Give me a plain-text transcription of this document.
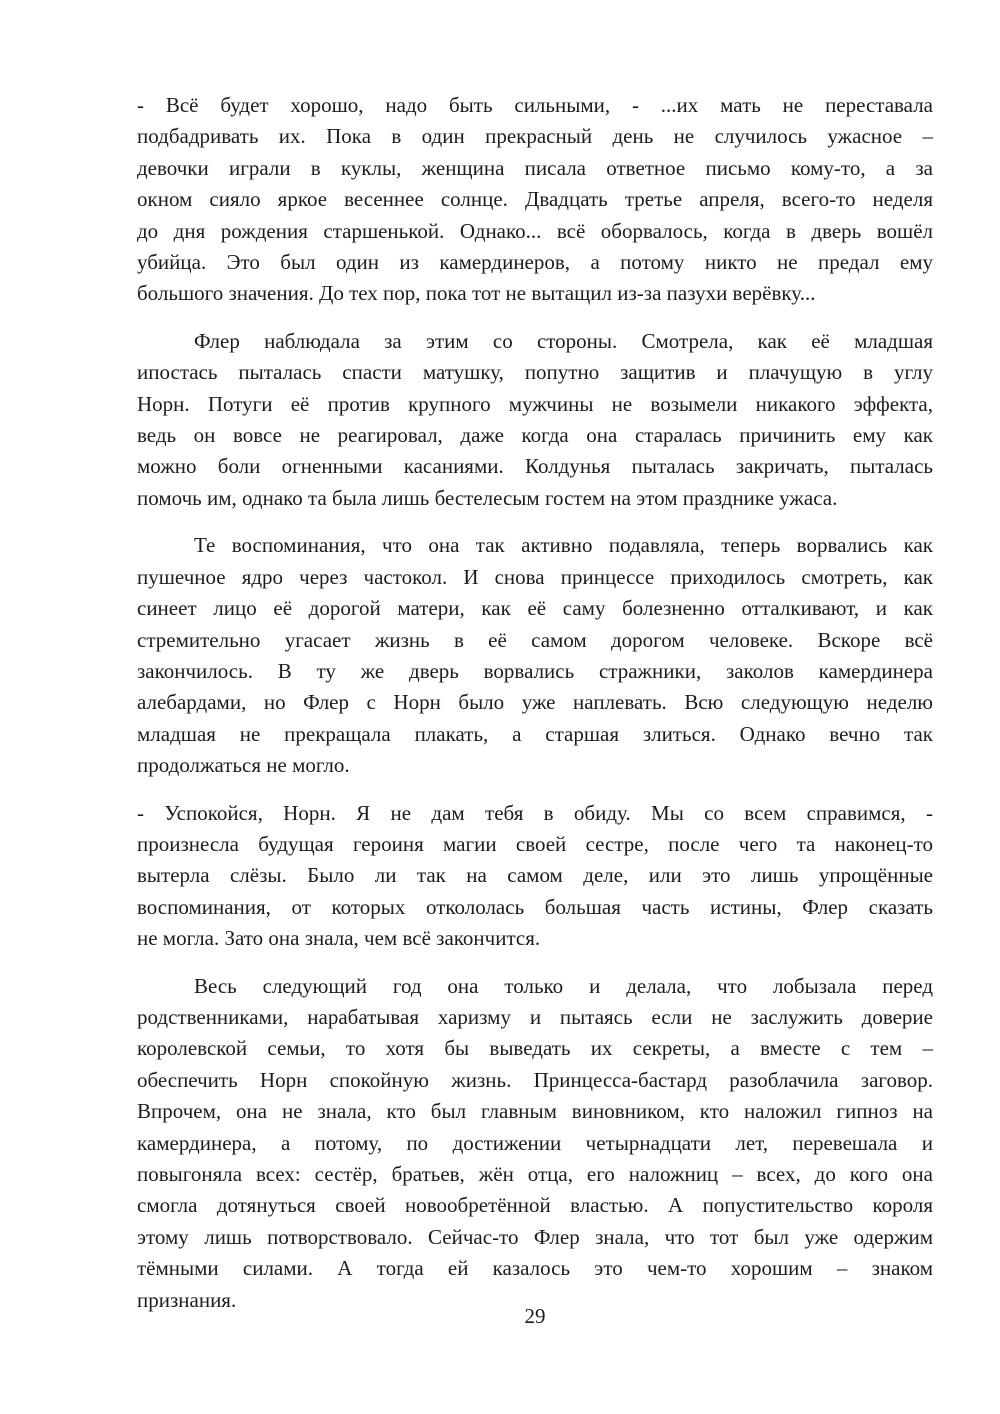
- Всё будет хорошо, надо быть сильными, - ...их мать не переставала
подбадривать их. Пока в один прекрасный день не случилось ужасное –
девочки играли в куклы, женщина писала ответное письмо кому-то, а за
окном сияло яркое весеннее солнце. Двадцать третье апреля, всего-то неделя
до дня рождения старшенькой. Однако... всё оборвалось, когда в дверь вошёл
убийца. Это был один из камердинеров, а потому никто не предал ему
большого значения. До тех пор, пока тот не вытащил из-за пазухи верёвку...

Флер наблюдала за этим со стороны. Смотрела, как её младшая
ипостась пыталась спасти матушку, попутно защитив и плачущую в углу
Норн. Потуги её против крупного мужчины не возымели никакого эффекта,
ведь он вовсе не реагировал, даже когда она старалась причинить ему как
можно боли огненными касаниями. Колдунья пыталась закричать, пыталась
помочь им, однако та была лишь бестелесым гостем на этом празднике ужаса.

Те воспоминания, что она так активно подавляла, теперь ворвались как
пушечное ядро через частокол. И снова принцессе приходилось смотреть, как
синеет лицо её дорогой матери, как её саму болезненно отталкивают, и как
стремительно угасает жизнь в её самом дорогом человеке. Вскоре всё
закончилось. В ту же дверь ворвались стражники, заколов камердинера
алебардами, но Флер с Норн было уже наплевать. Всю следующую неделю
младшая не прекращала плакать, а старшая злиться. Однако вечно так
продолжаться не могло.

- Успокойся, Норн. Я не дам тебя в обиду. Мы со всем справимся, -
произнесла будущая героиня магии своей сестре, после чего та наконец-то
вытерла слёзы. Было ли так на самом деле, или это лишь упрощённые
воспоминания, от которых откололась большая часть истины, Флер сказать
не могла. Зато она знала, чем всё закончится.

Весь следующий год она только и делала, что лобызала перед
родственниками, нарабатывая харизму и пытаясь если не заслужить доверие
королевской семьи, то хотя бы выведать их секреты, а вместе с тем –
обеспечить Норн спокойную жизнь. Принцесса-бастард разоблачила заговор.
Впрочем, она не знала, кто был главным виновником, кто наложил гипноз на
камердинера, а потому, по достижении четырнадцати лет, перевешала и
повыгоняла всех: сестёр, братьев, жён отца, его наложниц – всех, до кого она
смогла дотянуться своей новообретённой властью. А попустительство короля
этому лишь потворствовало. Сейчас-то Флер знала, что тот был уже одержим
тёмными силами. А тогда ей казалось это чем-то хорошим – знаком
признания.

29
